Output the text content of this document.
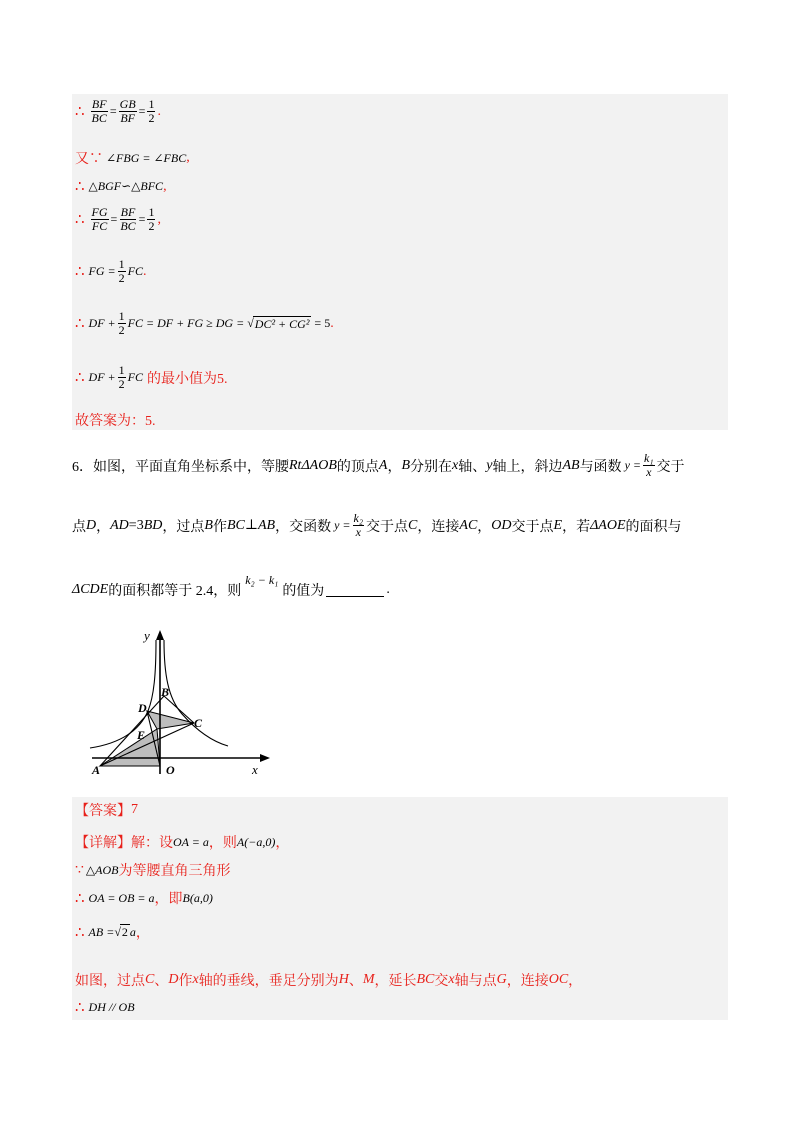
∴ $\frac{BF}{BC} = \frac{GB}{BF} = \frac{1}{2}$ .
又∵ ∠FBG = ∠FBC ,
∴ △BGF∽△BFC ,
∴ $\frac{FG}{FC} = \frac{BF}{BC} = \frac{1}{2}$ ,
∴ FG = $\frac{1}{2}$ FC .
∴ DF + $\frac{1}{2}$ FC = DF + FG ≥ DG = √ DC² + CG² = 5 .
∴ DF + $\frac{1}{2}$ FC 的最小值为5.
故答案为：5.
6．如图，平面直角坐标系中，等腰 Rt ΔAOB 的顶点 A ， B 分别在 x 轴、 y 轴上，斜边 AB 与函数 $y = \frac{\text{k₁}}{x}$ 交于
点 D ， AD =3 BD ，过点 B 作 BC ⊥ AB ，交函数 $y = \frac{\text{k₂}}{x}$ 交于点 C ，连接 AC ， OD 交于点 E ，若 ΔAOE 的面积与
ΔCDE 的面积都等于 2.4，则
k₂ − k₁
的值为	.
y
x
A	O
B
D
E
C
【答案】 7
【详解】 解：设 OA = a ，则 A(−a,0) ，
∵ △AOB 为等腰直角三角形
∴ OA = OB = a ，即 B(a,0)
∴ AB = √ 2 a ，
如图，过点 C 、 D 作 x 轴的垂线，垂足分别为 H 、 M ，延长 BC 交 x 轴与点 G ，连接 OC ，
∴ DH // OB
